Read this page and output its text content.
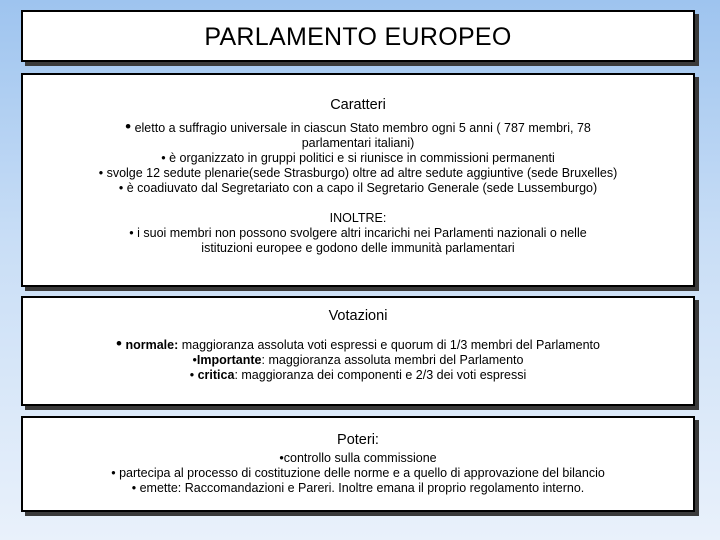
PARLAMENTO EUROPEO

Caratteri

• eletto a suffragio universale in ciascun Stato membro ogni 5 anni ( 787 membri, 78

parlamentari italiani)

• è organizzato in gruppi politici e si riunisce in commissioni permanenti

• svolge 12 sedute plenarie(sede Strasburgo) oltre ad altre sedute aggiuntive (sede Bruxelles)

• è coadiuvato dal Segretariato con a capo il Segretario Generale (sede Lussemburgo)

INOLTRE:

• i suoi membri non possono svolgere altri incarichi nei Parlamenti nazionali o nelle

istituzioni europee e godono delle immunità parlamentari

Votazioni

• normale: maggioranza assoluta voti espressi e quorum di 1/3 membri del Parlamento

•Importante: maggioranza assoluta membri del Parlamento

• critica: maggioranza dei componenti e 2/3 dei voti espressi

Poteri:

•controllo sulla commissione

• partecipa al processo di costituzione delle norme e a quello di approvazione del bilancio

• emette: Raccomandazioni e Pareri. Inoltre emana il proprio regolamento interno.
